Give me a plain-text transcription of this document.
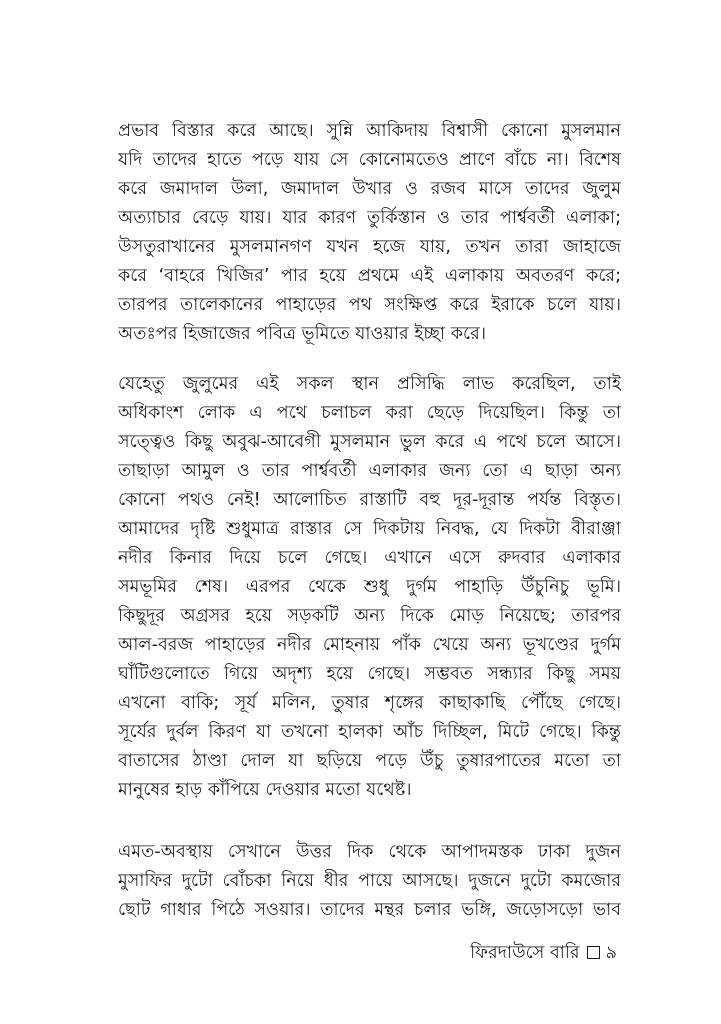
প্রভাব বিস্তার করে আছে। সুন্নি আকিদায় বিশ্বাসী কোনো মুসলমান
যদি তাদের হাতে পড়ে যায় সে কোনোমতেও প্রাণে বাঁচে না। বিশেষ
করে জমাদাল উলা, জমাদাল উখার ও রজব মাসে তাদের জুলুম
অত্যাচার বেড়ে যায়। যার কারণ তুর্কিস্তান ও তার পার্শ্ববর্তী এলাকা;
উসতুরাখানের মুসলমানগণ যখন হজে যায়, তখন তারা জাহাজে
করে ‘বাহরে খিজির’ পার হয়ে প্রথমে এই এলাকায় অবতরণ করে;
তারপর তালেকানের পাহাড়ের পথ সংক্ষিপ্ত করে ইরাকে চলে যায়।
অতঃপর হিজাজের পবিত্র ভূমিতে যাওয়ার ইচ্ছা করে।
যেহেতু জুলুমের এই সকল স্থান প্রসিদ্ধি লাভ করেছিল, তাই
অধিকাংশ লোক এ পথে চলাচল করা ছেড়ে দিয়েছিল। কিন্তু তা
সত্ত্বেও কিছু অবুঝ-আবেগী মুসলমান ভুল করে এ পথে চলে আসে।
তাছাড়া আমুল ও তার পার্শ্ববর্তী এলাকার জন্য তো এ ছাড়া অন্য
কোনো পথও নেই! আলোচিত রাস্তাটি বহু দূর-দূরান্ত পর্যন্ত বিস্তৃত।
আমাদের দৃষ্টি শুধুমাত্র রাস্তার সে দিকটায় নিবদ্ধ, যে দিকটা বীরাঞ্জা
নদীর কিনার দিয়ে চলে গেছে। এখানে এসে রুদবার এলাকার
সমভূমির শেষ। এরপর থেকে শুধু দুর্গম পাহাড়ি উঁচুনিচু ভূমি।
কিছুদূর অগ্রসর হয়ে সড়কটি অন্য দিকে মোড় নিয়েছে; তারপর
আল-বরজ পাহাড়ের নদীর মোহনায় পাঁক খেয়ে অন্য ভূখণ্ডের দুর্গম
ঘাঁটিগুলোতে গিয়ে অদৃশ্য হয়ে গেছে। সম্ভবত সন্ধ্যার কিছু সময়
এখনো বাকি; সূর্য মলিন, তুষার শৃঙ্গের কাছাকাছি পৌঁছে গেছে।
সূর্যের দুর্বল কিরণ যা তখনো হালকা আঁচ দিচ্ছিল, মিটে গেছে। কিন্তু
বাতাসের ঠাণ্ডা দোল যা ছড়িয়ে পড়ে উঁচু তুষারপাতের মতো তা
মানুষের হাড় কাঁপিয়ে দেওয়ার মতো যথেষ্ট।
এমত-অবস্থায় সেখানে উত্তর দিক থেকে আপাদমস্তক ঢাকা দুজন
মুসাফির দুটো বোঁচকা নিয়ে ধীর পায়ে আসছে। দুজনে দুটো কমজোর
ছোট গাধার পিঠে সওয়ার। তাদের মন্থর চলার ভঙ্গি, জড়োসড়ো ভাব
ফিরদাউসে বারি ৯
